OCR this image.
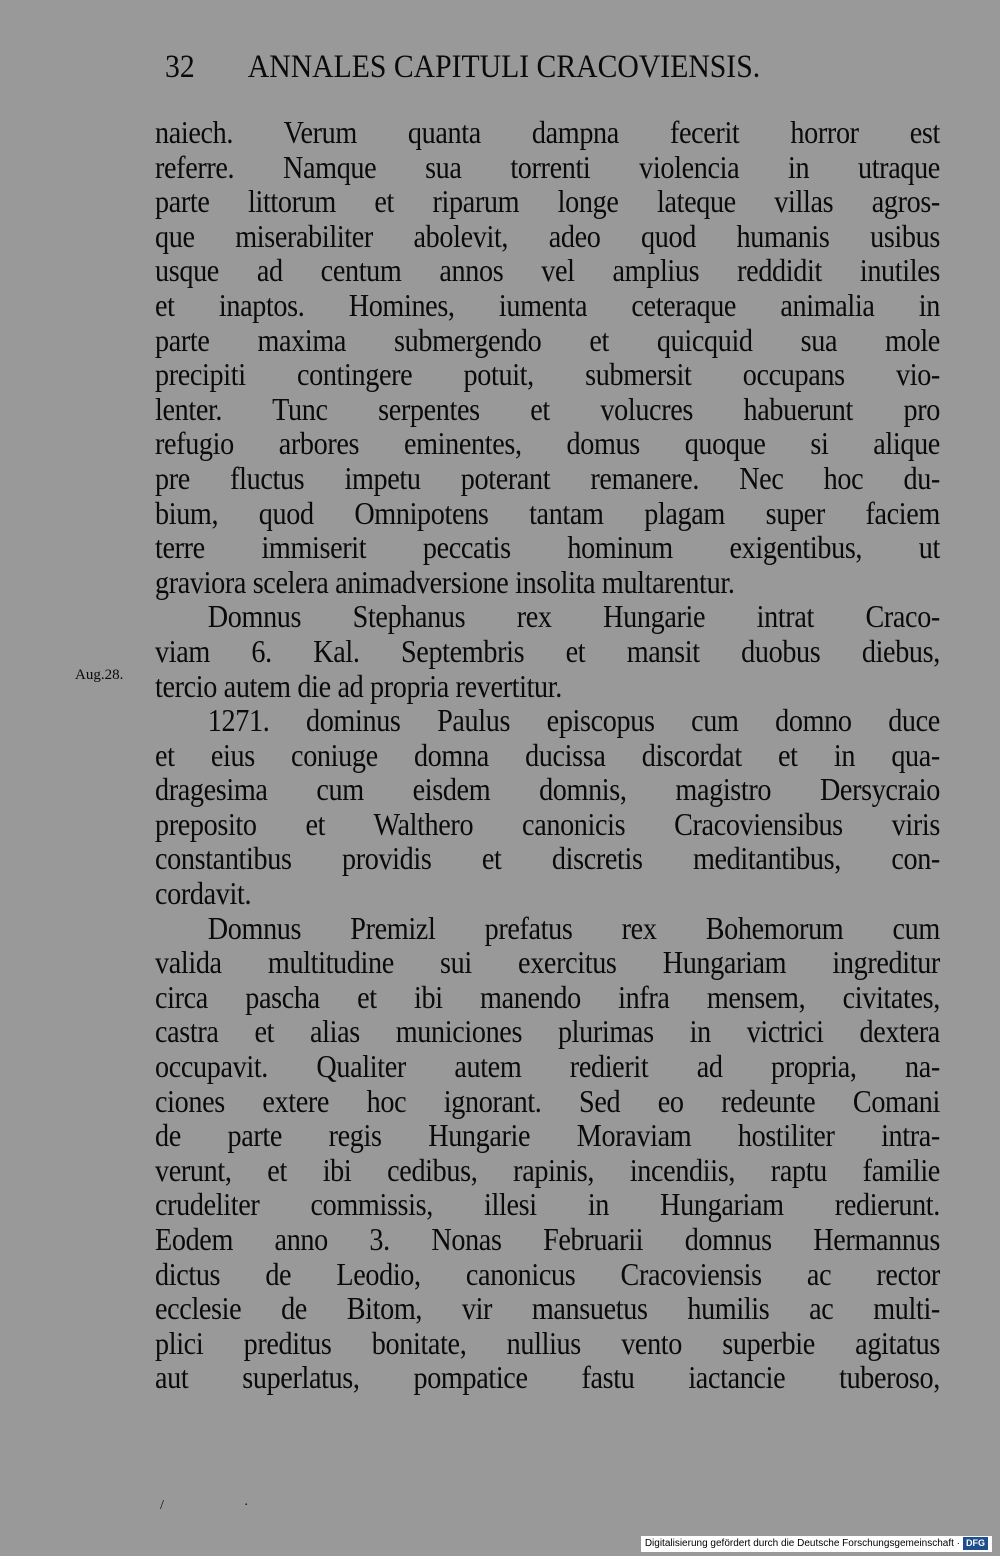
32 ANNALES CAPITULI CRACOVIENSIS.
Aug.28.
naiech. Verum quanta dampna fecerit horror est
referre. Namque sua torrenti violencia in utraque
parte littorum et riparum longe lateque villas agros-
que miserabiliter abolevit, adeo quod humanis usibus
usque ad centum annos vel amplius reddidit inutiles
et inaptos. Homines, iumenta ceteraque animalia in
parte maxima submergendo et quicquid sua mole
precipiti contingere potuit, submersit occupans vio-
lenter. Tunc serpentes et volucres habuerunt pro
refugio arbores eminentes, domus quoque si alique
pre fluctus impetu poterant remanere. Nec hoc du-
bium, quod Omnipotens tantam plagam super faciem
terre immiserit peccatis hominum exigentibus, ut
graviora scelera animadversione insolita multarentur.
Domnus Stephanus rex Hungarie intrat Craco-
viam 6. Kal. Septembris et mansit duobus diebus,
tercio autem die ad propria revertitur.
1271. dominus Paulus episcopus cum domno duce
et eius coniuge domna ducissa discordat et in qua-
dragesima cum eisdem domnis, magistro Dersycraio
preposito et Walthero canonicis Cracoviensibus viris
constantibus providis et discretis meditantibus, con-
cordavit.
Domnus Premizl prefatus rex Bohemorum cum
valida multitudine sui exercitus Hungariam ingreditur
circa pascha et ibi manendo infra mensem, civitates,
castra et alias municiones plurimas in victrici dextera
occupavit. Qualiter autem redierit ad propria, na-
ciones extere hoc ignorant. Sed eo redeunte Comani
de parte regis Hungarie Moraviam hostiliter intra-
verunt, et ibi cedibus, rapinis, incendiis, raptu familie
crudeliter commissis, illesi in Hungariam redierunt.
Eodem anno 3. Nonas Februarii domnus Hermannus
dictus de Leodio, canonicus Cracoviensis ac rector
ecclesie de Bitom, vir mansuetus humilis ac multi-
plici preditus bonitate, nullius vento superbie agitatus
aut superlatus, pompatice fastu iactancie tuberoso,
/	·
Digitalisierung gefördert durch die Deutsche Forschungsgemeinschaft · DFG
